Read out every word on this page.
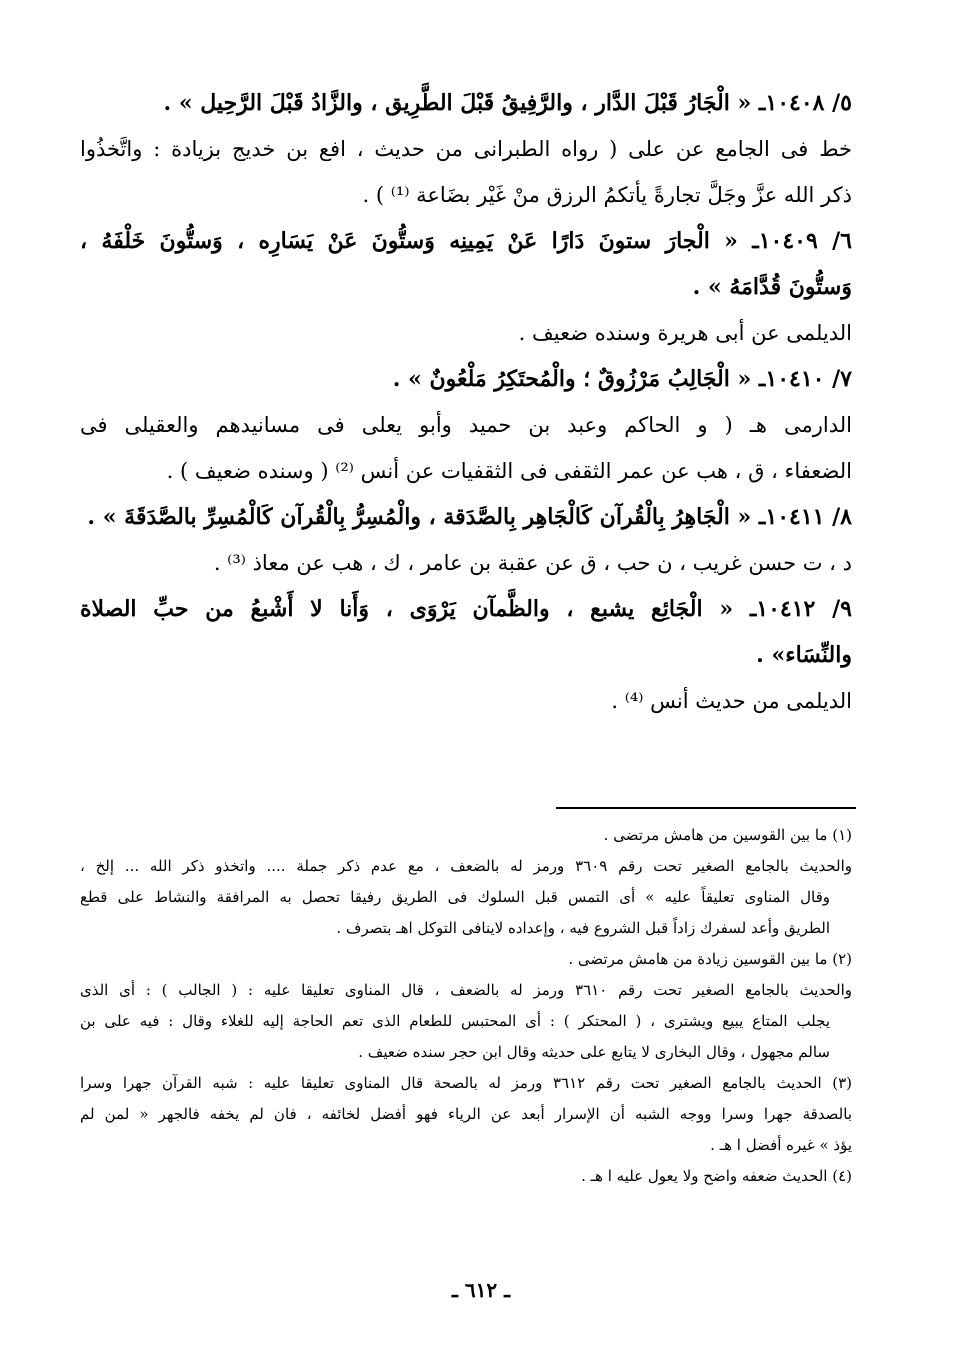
٥/ ١٠٤٠٨ـ « الْجَارُ قَبْلَ الدَّار ، والرَّفِيقُ قَبْلَ الطَّرِيق ، والزَّادُ قَبْلَ الرَّحِيل » .
خط فى الجامع عن على ( رواه الطبرانى من حديث ، افع بن خديج بزيادة : واتَّخذُوا
ذكر الله عزَّ وجَلَّ تجارةً يأتكمُ الرزق منْ غَيْر بضَاعة ⁽¹⁾ ) .
٦/ ١٠٤٠٩ـ « الْجارَ ستونَ دَارًا عَنْ يَمِينِه وَستُّونَ عَنْ يَسَارِه ، وَستُّونَ خَلْفَهُ ،
وَستُّونَ قُدَّامَهُ » .
الديلمى عن أبى هريرة وسنده ضعيف .
٧/ ١٠٤١٠ـ « الْجَالِبُ مَرْزُوقٌ ؛ والْمُحتَكِرُ مَلْعُونٌ » .
الدارمى هـ ( و الحاكم وعبد بن حميد وأبو يعلى فى مسانيدهم والعقيلى فى
الضعفاء ، ق ، هب عن عمر الثقفى فى الثقفيات عن أنس ⁽²⁾ ( وسنده ضعيف ) .
٨/ ١٠٤١١ـ « الْجَاهِرُ بِالْقُرآن كَالْجَاهِر بِالصَّدَقة ، والْمُسِرُّ بِالْقُرآن كَالْمُسِرِّ بالصَّدَقَةَ » .
د ، ت حسن غريب ، ن حب ، ق عن عقبة بن عامر ، ك ، هب عن معاذ ⁽³⁾ .
٩/ ١٠٤١٢ـ « الْجَائِع يشبع ، والظَّمآن يَرْوَى ، وَأَنا لا أَشْبعُ من حبِّ الصلاة
والنِّسَاء» .
الديلمى من حديث أنس ⁽⁴⁾ .
(١) ما بين القوسين من هامش مرتضى .
والحديث بالجامع الصغير تحت رقم ٣٦٠٩ ورمز له بالضعف ، مع عدم ذكر جملة .... واتخذو ذكر الله ... إلخ ،
وقال المناوى تعليقاً عليه » أى التمس قبل السلوك فى الطريق رفيقا تحصل به المرافقة والنشاط على قطع
الطريق وأعد لسفرك زاداً قبل الشروع فيه ، وإعداده لاينافى التوكل اهـ بتصرف .
(٢) ما بين القوسين زيادة من هامش مرتضى .
والحديث بالجامع الصغير تحت رقم ٣٦١٠ ورمز له بالضعف ، قال المناوى تعليقا عليه : ( الجالب ) : أى الذى
يجلب المتاع يبيع ويشترى ، ( المحتكر ) : أى المحتبس للطعام الذى تعم الحاجة إليه للغلاء وقال : فيه على بن
سالم مجهول ، وقال البخارى لا يتابع على حديثه وقال ابن حجر سنده ضعيف .
(٣) الحديث بالجامع الصغير تحت رقم ٣٦١٢ ورمز له بالصحة قال المناوى تعليقا عليه : شبه القرآن جهرا وسرا
بالصدقة جهرا وسرا ووجه الشبه أن الإسرار أبعد عن الرياء فهو أفضل لخائفه ، فان لم يخفه فالجهر « لمن لم
يؤذ » غيره أفضل ا هـ .
(٤) الحديث ضعفه واضح ولا يعول عليه ا هـ .
ـ ٦١٢ ـ
